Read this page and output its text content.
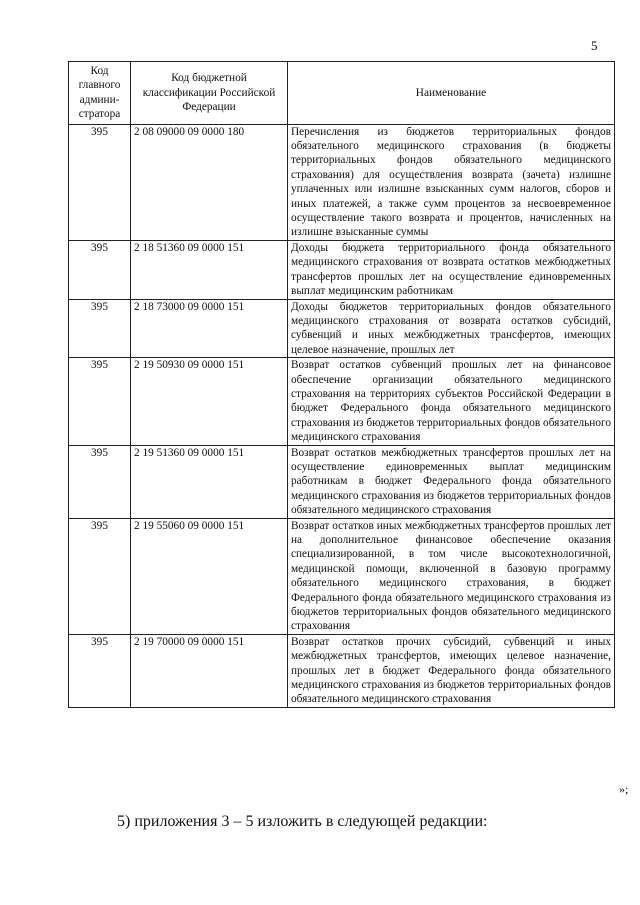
5
Код главного админи-стратора	Код бюджетной классификации Российской Федерации	Наименование
395	2 08 09000 09 0000 180	Перечисления из бюджетов территориальных фондов обязательного медицинского страхования (в бюджеты территориальных фондов обязательного медицинского страхования) для осуществления возврата (зачета) излишне уплаченных или излишне взысканных сумм налогов, сборов и иных платежей, а также сумм процентов за несвоевременное осуществление такого возврата и процентов, начисленных на излишне взысканные суммы
395	2 18 51360 09 0000 151	Доходы бюджета территориального фонда обязательного медицинского страхования от возврата остатков межбюджетных трансфертов прошлых лет на осуществление единовременных выплат медицинским работникам
395	2 18 73000 09 0000 151	Доходы бюджетов территориальных фондов обязательного медицинского страхования от возврата остатков субсидий, субвенций и иных межбюджетных трансфертов, имеющих целевое назначение, прошлых лет
395	2 19 50930 09 0000 151	Возврат остатков субвенций прошлых лет на финансовое обеспечение организации обязательного медицинского страхования на территориях субъектов Российской Федерации в бюджет Федерального фонда обязательного медицинского страхования из бюджетов территориальных фондов обязательного медицинского страхования
395	2 19 51360 09 0000 151	Возврат остатков межбюджетных трансфертов прошлых лет на осуществление единовременных выплат медицинским работникам в бюджет Федерального фонда обязательного медицинского страхования из бюджетов территориальных фондов обязательного медицинского страхования
395	2 19 55060 09 0000 151	Возврат остатков иных межбюджетных трансфертов прошлых лет на дополнительное финансовое обеспечение оказания специализированной, в том числе высокотехнологичной, медицинской помощи, включенной в базовую программу обязательного медицинского страхования, в бюджет Федерального фонда обязательного медицинского страхования из бюджетов территориальных фондов обязательного медицинского страхования
395	2 19 70000 09 0000 151	Возврат остатков прочих субсидий, субвенций и иных межбюджетных трансфертов, имеющих целевое назначение, прошлых лет в бюджет Федерального фонда обязательного медицинского страхования из бюджетов территориальных фондов обязательного медицинского страхования
»;
5) приложения 3 – 5 изложить в следующей редакции:
